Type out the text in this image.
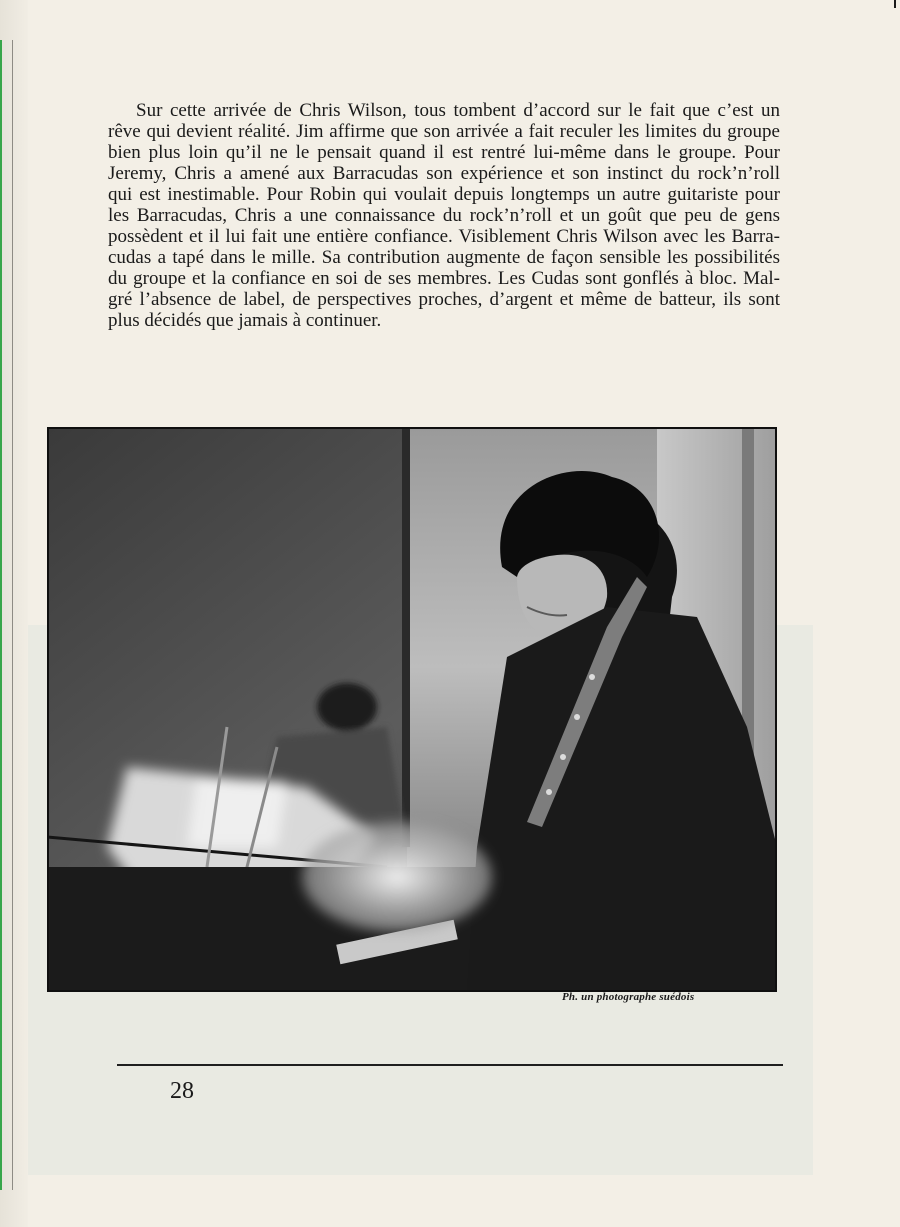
Sur cette arrivée de Chris Wilson, tous tombent d’accord sur le fait que c’est un
rêve qui devient réalité. Jim affirme que son arrivée a fait reculer les limites du groupe
bien plus loin qu’il ne le pensait quand il est rentré lui-même dans le groupe. Pour
Jeremy, Chris a amené aux Barracudas son expérience et son instinct du rock’n’roll
qui est inestimable. Pour Robin qui voulait depuis longtemps un autre guitariste pour
les Barracudas, Chris a une connaissance du rock’n’roll et un goût que peu de gens
possèdent et il lui fait une entière confiance. Visiblement Chris Wilson avec les Barra-
cudas a tapé dans le mille. Sa contribution augmente de façon sensible les possibilités
du groupe et la confiance en soi de ses membres. Les Cudas sont gonflés à bloc. Mal-
gré l’absence de label, de perspectives proches, d’argent et même de batteur, ils sont
plus décidés que jamais à continuer.
Ph. un photographe suédois
28
